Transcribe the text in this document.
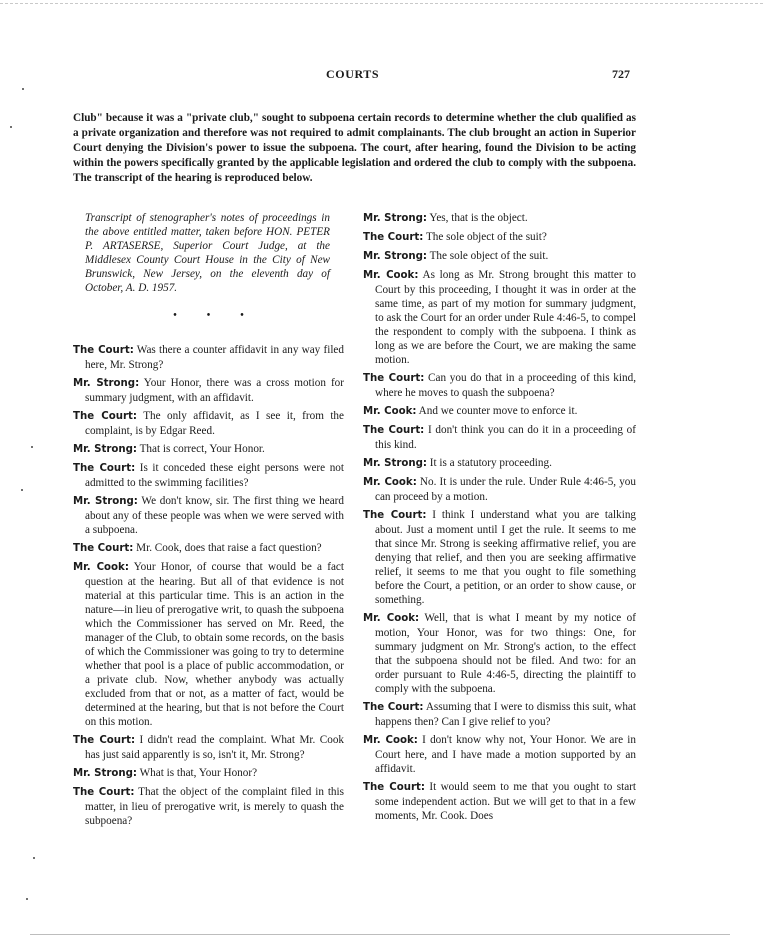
COURTS	727

Club" because it was a "private club," sought to subpoena certain records to determine whether the club qualified as a private organization and therefore was not required to admit complainants. The club brought an action in Superior Court denying the Division's power to issue the subpoena. The court, after hearing, found the Division to be acting within the powers specifically granted by the applicable legislation and ordered the club to comply with the subpoena. The transcript of the hearing is reproduced below.

Transcript of stenographer's notes of proceedings in the above entitled matter, taken before HON. PETER P. ARTASERSE, Superior Court Judge, at the Middlesex County Court House in the City of New Brunswick, New Jersey, on the eleventh day of October, A. D. 1957.

•	•	•

The Court: Was there a counter affidavit in any way filed here, Mr. Strong?

Mr. Strong: Your Honor, there was a cross motion for summary judgment, with an affidavit.

The Court: The only affidavit, as I see it, from the complaint, is by Edgar Reed.

Mr. Strong: That is correct, Your Honor.

The Court: Is it conceded these eight persons were not admitted to the swimming facilities?

Mr. Strong: We don't know, sir. The first thing we heard about any of these people was when we were served with a subpoena.

The Court: Mr. Cook, does that raise a fact question?

Mr. Cook: Your Honor, of course that would be a fact question at the hearing. But all of that evidence is not material at this particular time. This is an action in the nature—in lieu of prerogative writ, to quash the subpoena which the Commissioner has served on Mr. Reed, the manager of the Club, to obtain some records, on the basis of which the Commissioner was going to try to determine whether that pool is a place of public accommodation, or a private club. Now, whether anybody was actually excluded from that or not, as a matter of fact, would be determined at the hearing, but that is not before the Court on this motion.

The Court: I didn't read the complaint. What Mr. Cook has just said apparently is so, isn't it, Mr. Strong?

Mr. Strong: What is that, Your Honor?

The Court: That the object of the complaint filed in this matter, in lieu of prerogative writ, is merely to quash the subpoena?

Mr. Strong: Yes, that is the object.

The Court: The sole object of the suit?

Mr. Strong: The sole object of the suit.

Mr. Cook: As long as Mr. Strong brought this matter to Court by this proceeding, I thought it was in order at the same time, as part of my motion for summary judgment, to ask the Court for an order under Rule 4:46-5, to compel the respondent to comply with the subpoena. I think as long as we are before the Court, we are making the same motion.

The Court: Can you do that in a proceeding of this kind, where he moves to quash the subpoena?

Mr. Cook: And we counter move to enforce it.

The Court: I don't think you can do it in a proceeding of this kind.

Mr. Strong: It is a statutory proceeding.

Mr. Cook: No. It is under the rule. Under Rule 4:46-5, you can proceed by a motion.

The Court: I think I understand what you are talking about. Just a moment until I get the rule. It seems to me that since Mr. Strong is seeking affirmative relief, you are denying that relief, and then you are seeking affirmative relief, it seems to me that you ought to file something before the Court, a petition, or an order to show cause, or something.

Mr. Cook: Well, that is what I meant by my notice of motion, Your Honor, was for two things: One, for summary judgment on Mr. Strong's action, to the effect that the subpoena should not be filed. And two: for an order pursuant to Rule 4:46-5, directing the plaintiff to comply with the subpoena.

The Court: Assuming that I were to dismiss this suit, what happens then? Can I give relief to you?

Mr. Cook: I don't know why not, Your Honor. We are in Court here, and I have made a motion supported by an affidavit.

The Court: It would seem to me that you ought to start some independent action. But we will get to that in a few moments, Mr. Cook. Does
